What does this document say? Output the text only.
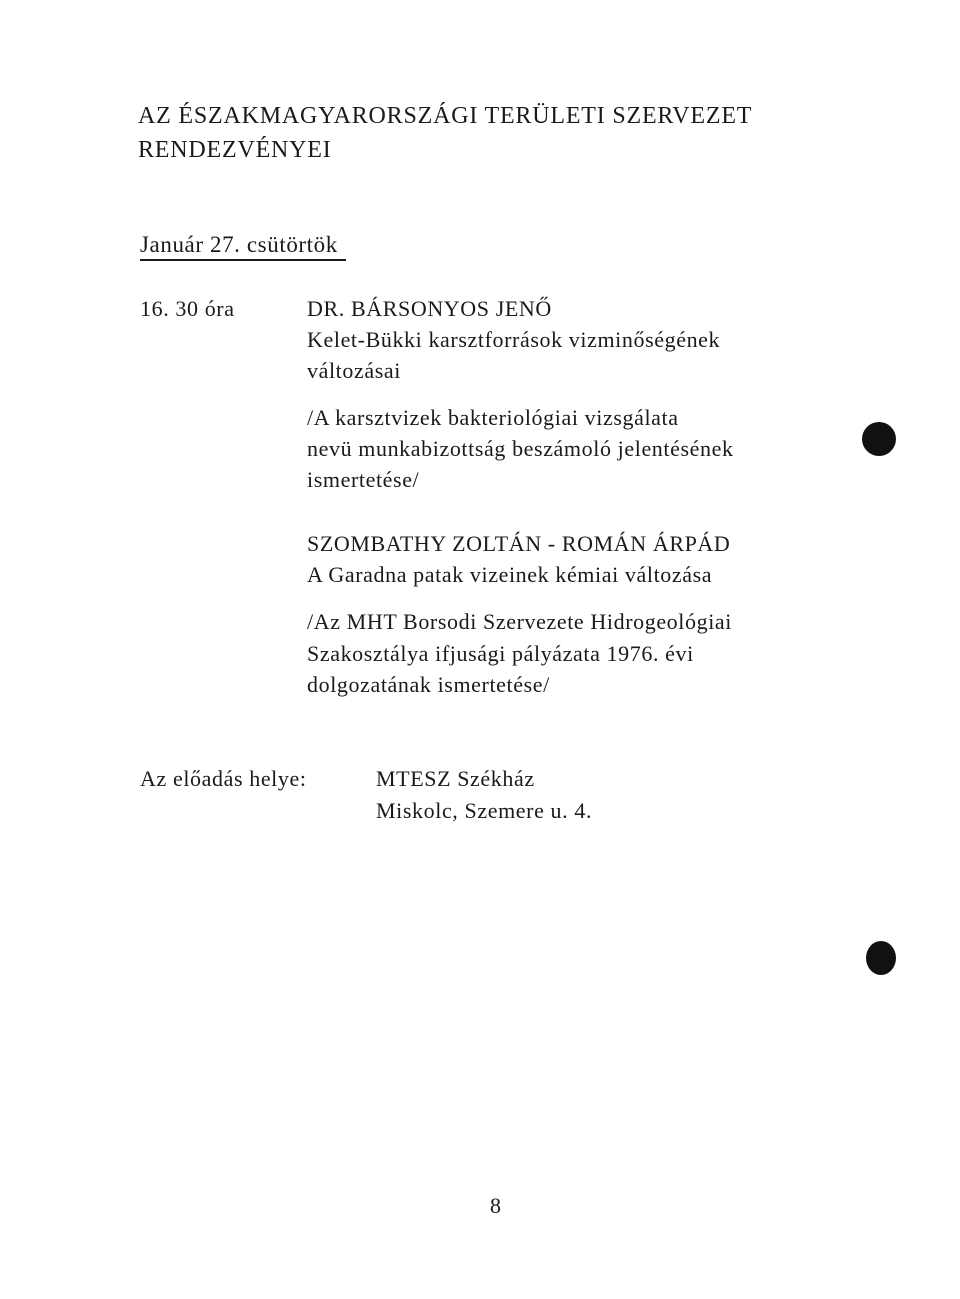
AZ ÉSZAKMAGYARORSZÁGI TERÜLETI SZERVEZET
RENDEZVÉNYEI
Január 27. csütörtök
16. 30 óra	DR. BÁRSONYOS JENŐ
Kelet-Bükki karsztforrások vizminőségének
változásai
/A karsztvizek bakteriológiai vizsgálata
nevü munkabizottság beszámoló jelentésének
ismertetése/
SZOMBATHY ZOLTÁN - ROMÁN ÁRPÁD
A Garadna patak vizeinek kémiai változása
/Az MHT Borsodi Szervezete Hidrogeológiai
Szakosztálya ifjusági pályázata 1976. évi
dolgozatának ismertetése/
Az előadás helye:	MTESZ Székház
Miskolc, Szemere u. 4.
8
